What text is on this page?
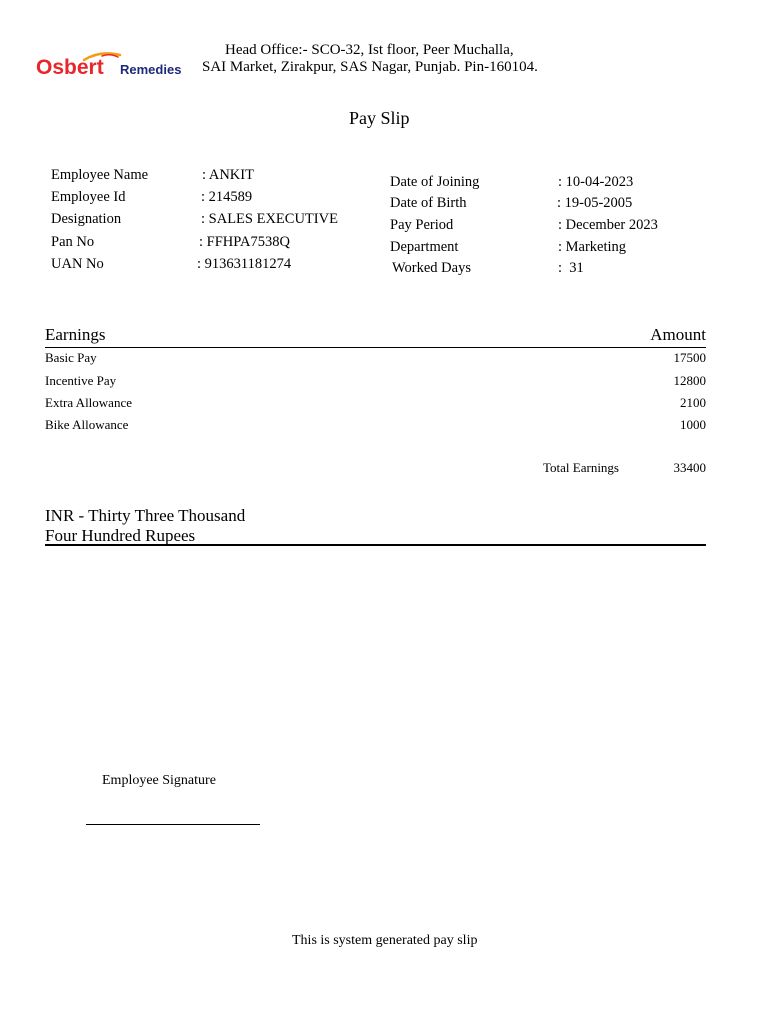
Osbert Remedies
Head Office:- SCO-32, Ist floor, Peer Muchalla,
SAI Market, Zirakpur, SAS Nagar, Punjab. Pin-160104.
Pay Slip
Employee Name	: ANKIT
Employee Id	: 214589
Designation	: SALES EXECUTIVE
Pan No	: FFHPA7538Q
UAN No	: 913631181274
Date of Joining	: 10-04-2023
Date of Birth	: 19-05-2005
Pay Period	: December 2023
Department	: Marketing
Worked Days	:  31
Earnings	Amount
Basic Pay	17500
Incentive Pay	12800
Extra Allowance	2100
Bike Allowance	1000
Total Earnings	33400
INR - Thirty Three Thousand
Four Hundred Rupees
Employee Signature
This is system generated pay slip
